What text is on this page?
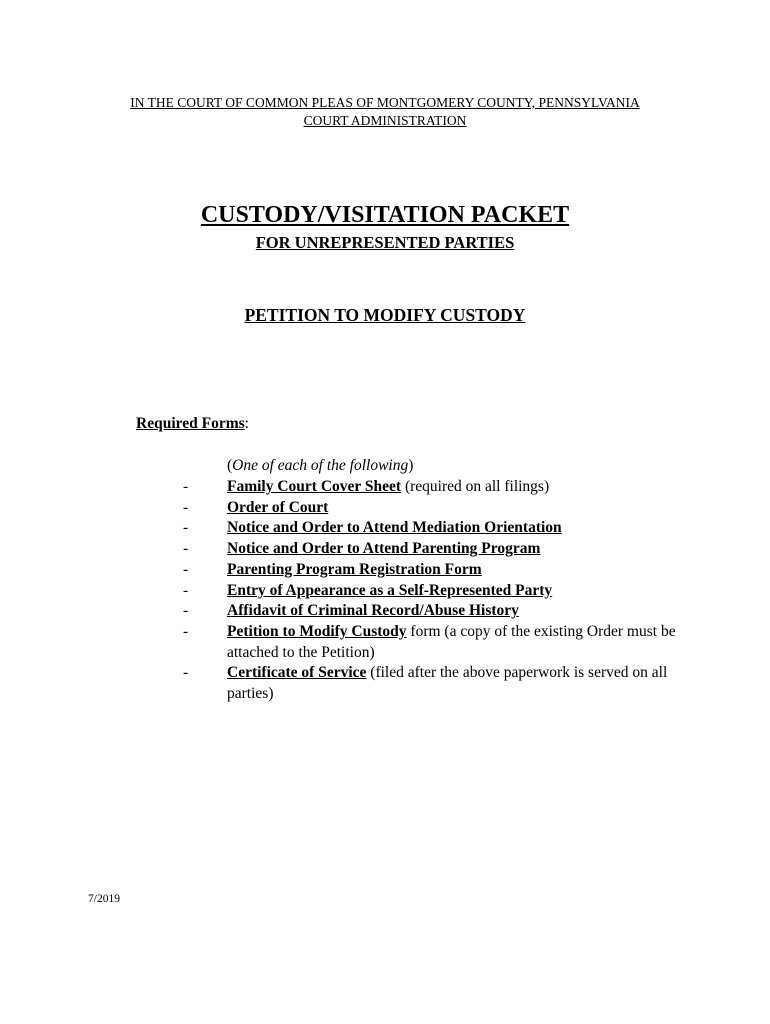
IN THE COURT OF COMMON PLEAS OF MONTGOMERY COUNTY, PENNSYLVANIA
COURT ADMINISTRATION
CUSTODY/VISITATION PACKET
FOR UNREPRESENTED PARTIES
PETITION TO MODIFY CUSTODY
Required Forms:
(One of each of the following)
-	Family Court Cover Sheet (required on all filings)
-	Order of Court
-	Notice and Order to Attend Mediation Orientation
-	Notice and Order to Attend Parenting Program
-	Parenting Program Registration Form
-	Entry of Appearance as a Self-Represented Party
-	Affidavit of Criminal Record/Abuse History
-	Petition to Modify Custody form (a copy of the existing Order must be attached to the Petition)
-	Certificate of Service (filed after the above paperwork is served on all parties)
7/2019
